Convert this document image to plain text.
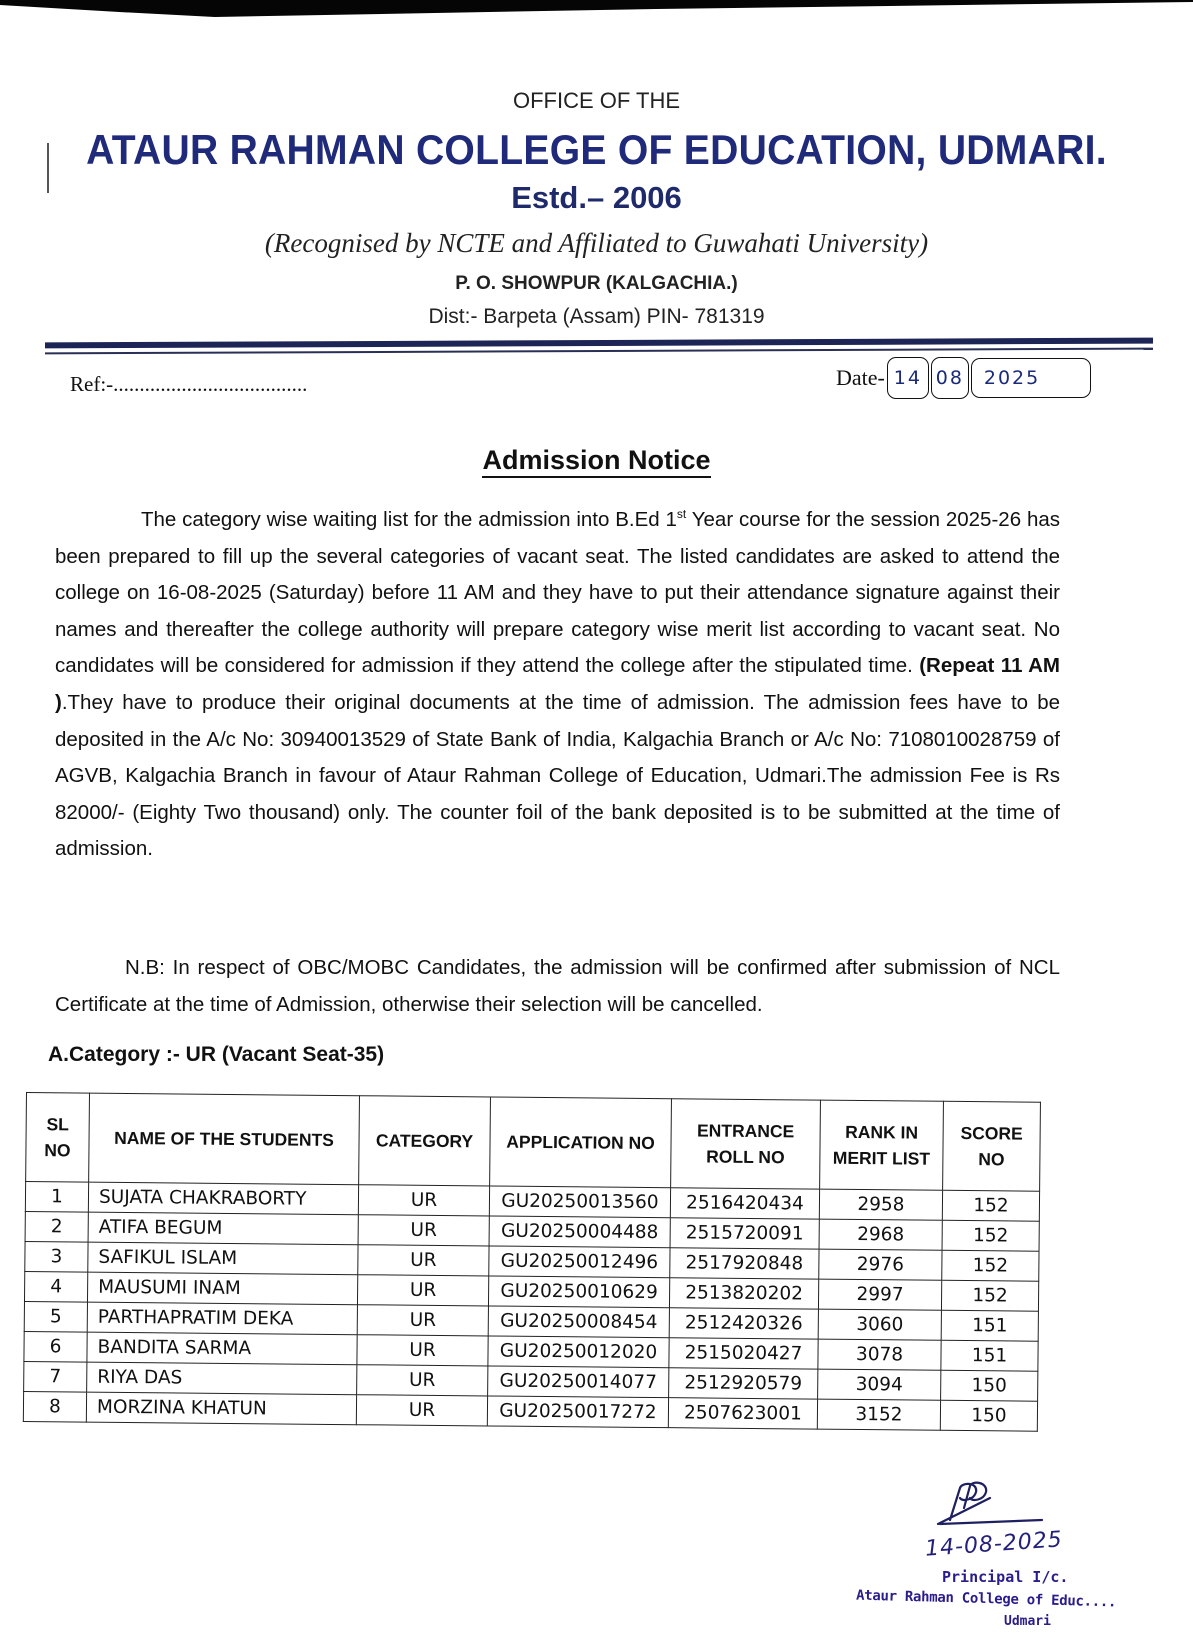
OFFICE OF THE
ATAUR RAHMAN COLLEGE OF EDUCATION, UDMARI.
Estd.– 2006
(Recognised by NCTE and Affiliated to Guwahati University)
P. O. SHOWPUR (KALGACHIA.)
Dist:- Barpeta (Assam) PIN- 781319
Ref:-.....................................	Date- 14 08	2025
Admission Notice
The category wise waiting list for the admission into B.Ed 1st Year course for the session 2025-26 has been prepared to fill up the several categories of vacant seat. The listed candidates are asked to attend the college on 16-08-2025 (Saturday) before 11 AM and they have to put their attendance signature against their names and thereafter the college authority will prepare category wise merit list according to vacant seat. No candidates will be considered for admission if they attend the college after the stipulated time. (Repeat 11 AM ).They have to produce their original documents at the time of admission. The admission fees have to be deposited in the A/c No: 30940013529 of State Bank of India, Kalgachia Branch or A/c No: 7108010028759 of AGVB, Kalgachia Branch in favour of Ataur Rahman College of Education, Udmari.The admission Fee is Rs 82000/- (Eighty Two thousand) only. The counter foil of the bank deposited is to be submitted at the time of admission.
N.B: In respect of OBC/MOBC Candidates, the admission will be confirmed after submission of NCL Certificate at the time of Admission, otherwise their selection will be cancelled.
A.Category :- UR (Vacant Seat-35)
SL NO	NAME OF THE STUDENTS	CATEGORY	APPLICATION NO	ENTRANCE ROLL NO	RANK IN MERIT LIST	SCORE NO
1	SUJATA CHAKRABORTY	UR	GU20250013560	2516420434	2958	152
2	ATIFA BEGUM	UR	GU20250004488	2515720091	2968	152
3	SAFIKUL ISLAM	UR	GU20250012496	2517920848	2976	152
4	MAUSUMI INAM	UR	GU20250010629	2513820202	2997	152
5	PARTHAPRATIM DEKA	UR	GU20250008454	2512420326	3060	151
6	BANDITA SARMA	UR	GU20250012020	2515020427	3078	151
7	RIYA DAS	UR	GU20250014077	2512920579	3094	150
8	MORZINA KHATUN	UR	GU20250017272	2507623001	3152	150
14-08-2025
Principal I/c.
Ataur Rahman College of Educ....
Udmari
